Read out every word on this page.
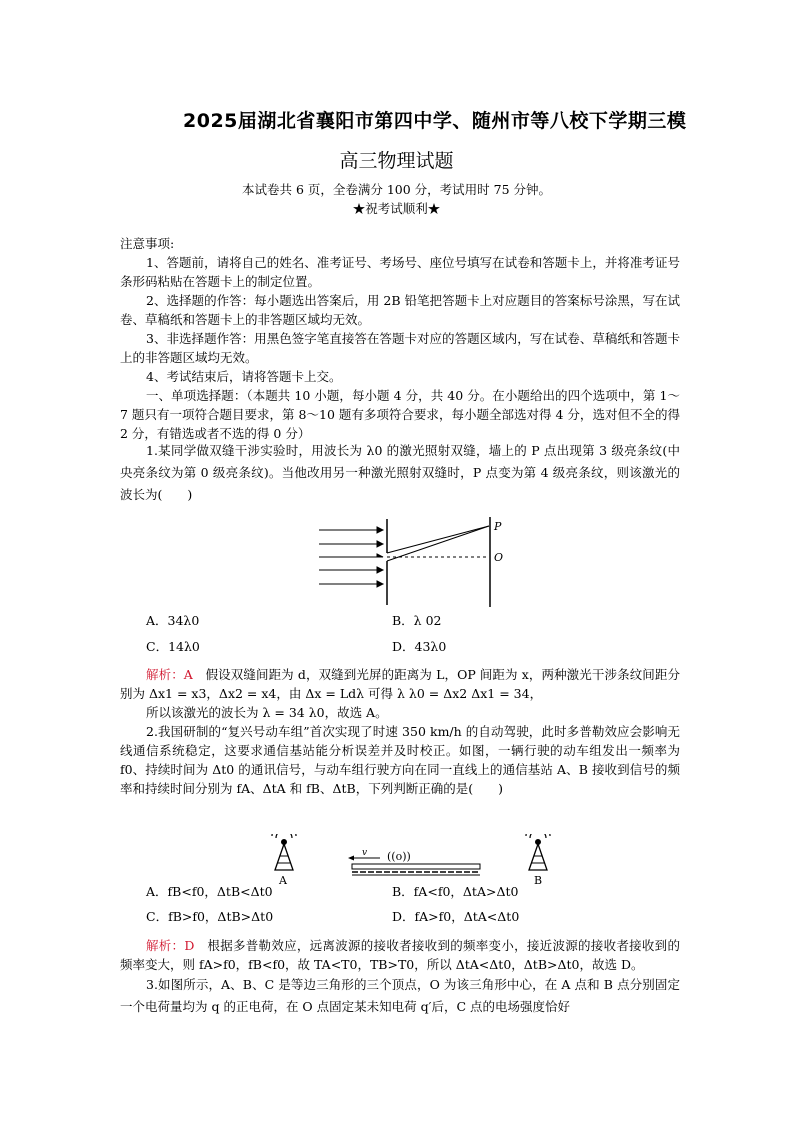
2025届湖北省襄阳市第四中学、随州市等八校下学期三模
高三物理试题
本试卷共 6 页，全卷满分 100 分，考试用时 75 分钟。
★祝考试顺利★
注意事项:
1、答题前，请将自己的姓名、准考证号、考场号、座位号填写在试卷和答题卡上，并将准考证号条形码粘贴在答题卡上的制定位置。
2、选择题的作答：每小题选出答案后，用 2B 铅笔把答题卡上对应题目的答案标号涂黑，写在试卷、草稿纸和答题卡上的非答题区域均无效。
3、非选择题作答：用黑色签字笔直接答在答题卡对应的答题区域内，写在试卷、草稿纸和答题卡上的非答题区域均无效。
4、考试结束后，请将答题卡上交。
一、单项选择题：（本题共 10 小题，每小题 4 分，共 40 分。在小题给出的四个选项中，第 1～7 题只有一项符合题目要求，第 8～10 题有多项符合要求，每小题全部选对得 4 分，选对但不全的得 2 分，有错选或者不选的得 0 分）
1.某同学做双缝干涉实验时，用波长为 λ0 的激光照射双缝，墙上的 P 点出现第 3 级亮条纹(中央亮条纹为第 0 级亮条纹)。当他改用另一种激光照射双缝时，P 点变为第 4 级亮条纹，则该激光的波长为(　　)
P
O
A．34λ0	B．λ 02
C．14λ0	D．43λ0
解析：A　 假设双缝间距为 d，双缝到光屏的距离为 L，OP 间距为 x，两种激光干涉条纹间距分别为 Δx1 = x3，Δx2 = x4，由 Δx = Ldλ 可得 λ λ0 = Δx2 Δx1 = 34，
所以该激光的波长为 λ = 34 λ0，故选 A。
2.我国研制的“复兴号动车组”首次实现了时速 350 km/h 的自动驾驶，此时多普勒效应会影响无线通信系统稳定，这要求通信基站能分析误差并及时校正。如图，一辆行驶的动车组发出一频率为 f0、持续时间为 Δt0 的通讯信号，与动车组行驶方向在同一直线上的通信基站 A、B 接收到信号的频率和持续时间分别为 fA、ΔtA 和 fB、ΔtB，下列判断正确的是(　　)
A
v ((o))
B
A．fB<f0，ΔtB<Δt0	B．fA<f0，ΔtA>Δt0
C．fB>f0，ΔtB>Δt0	D．fA>f0，ΔtA<Δt0
解析：D　 根据多普勒效应，远离波源的接收者接收到的频率变小，接近波源的接收者接收到的频率变大，则 fA>f0，fB<f0，故 TA<T0，TB>T0，所以 ΔtA<Δt0，ΔtB>Δt0，故选 D。
3.如图所示，A、B、C 是等边三角形的三个顶点，O 为该三角形中心，在 A 点和 B 点分别固定一个电荷量均为 q 的正电荷，在 O 点固定某未知电荷 q′后，C 点的电场强度恰好
